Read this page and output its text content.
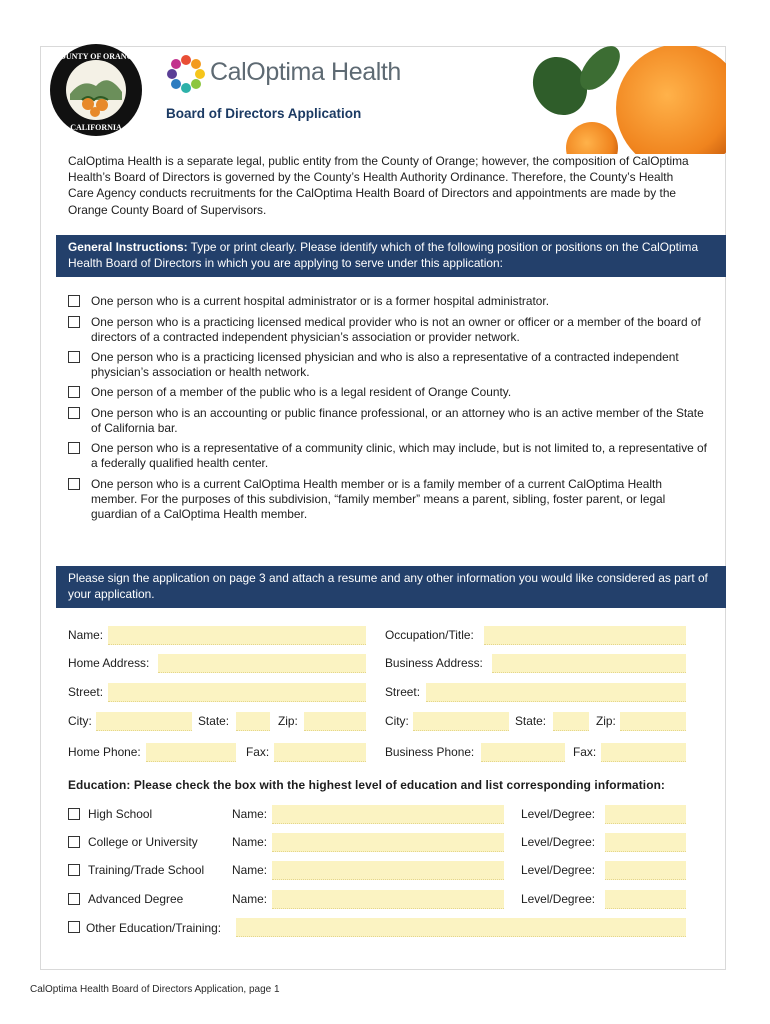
COUNTY OF ORANGE
CALIFORNIA
CalOptima Health
Board of Directors Application
CalOptima Health is a separate legal, public entity from the County of Orange; however, the composition of CalOptima Health’s Board of Directors is governed by the County’s Health Authority Ordinance. Therefore, the County’s Health Care Agency conducts recruitments for the CalOptima Health Board of Directors and appointments are made by the Orange County Board of Supervisors.
General Instructions: Type or print clearly. Please identify which of the following position or positions on the CalOptima Health Board of Directors in which you are applying to serve under this application:
One person who is a current hospital administrator or is a former hospital administrator.
One person who is a practicing licensed medical provider who is not an owner or officer or a member of the board of directors of a contracted independent physician’s association or provider network.
One person who is a practicing licensed physician and who is also a representative of a contracted independent physician’s association or health network.
One person of a member of the public who is a legal resident of Orange County.
One person who is an accounting or public finance professional, or an attorney who is an active member of the State of California bar.
One person who is a representative of a community clinic, which may include, but is not limited to, a representative of a federally qualified health center.
One person who is a current CalOptima Health member or is a family member of a current CalOptima Health member. For the purposes of this subdivision, “family member” means a parent, sibling, foster parent, or legal guardian of a CalOptima Health member.
Please sign the application on page 3 and attach a resume and any other information you would like considered as part of your application.
Name:	Occupation/Title:
Home Address:	Business Address:
Street:	Street:
City:	State:	Zip:	City:	State:	Zip:
Home Phone:	Fax:	Business Phone:	Fax:
Education: Please check the box with the highest level of education and list corresponding information:
High School	Name:	Level/Degree:
College or University	Name:	Level/Degree:
Training/Trade School Name:	Level/Degree:
Advanced Degree	Name:	Level/Degree:
Other Education/Training:
CalOptima Health Board of Directors Application, page 1
